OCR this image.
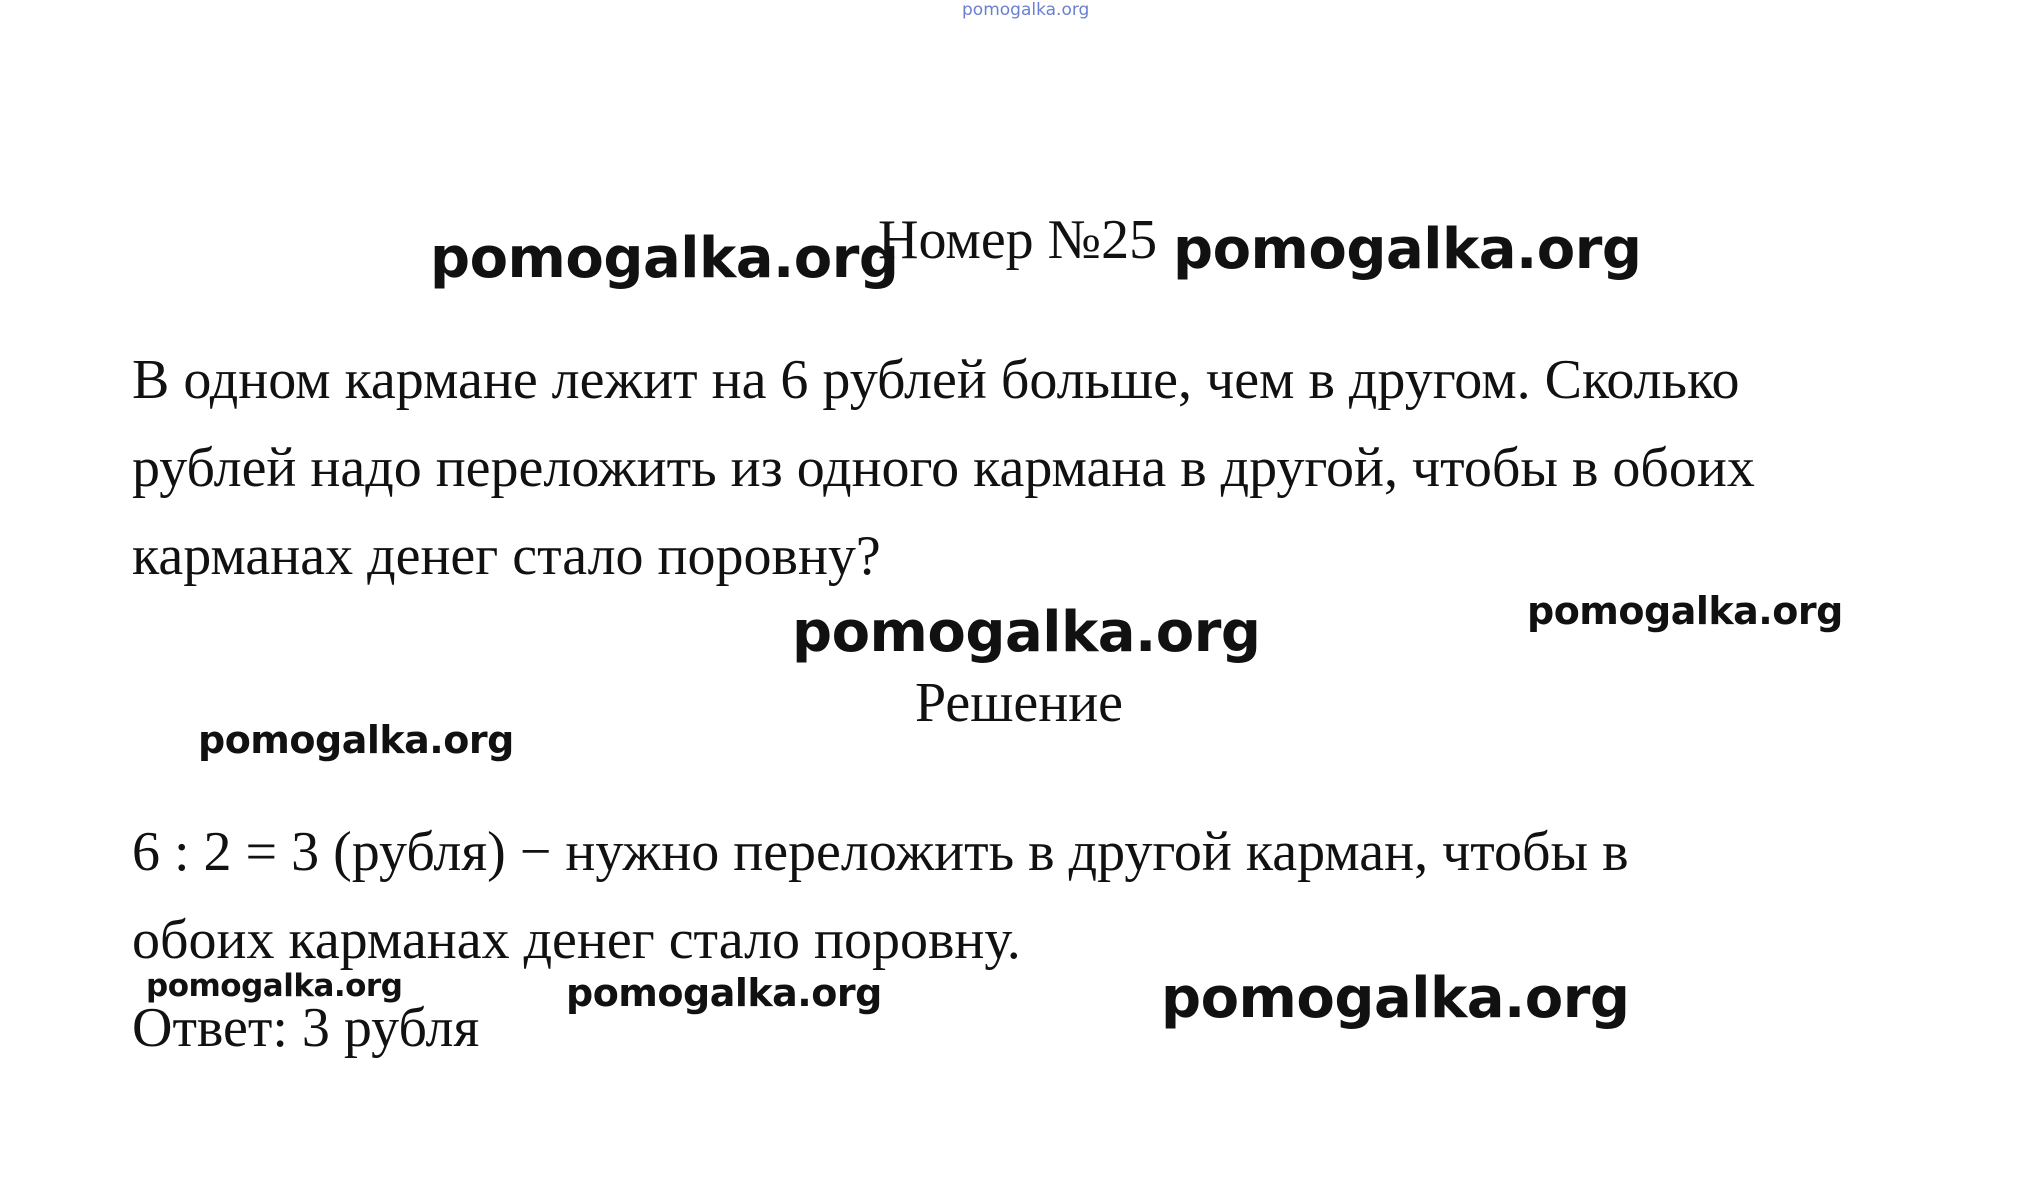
pomogalka.org
pomogalka.org
Номер №25 pomogalka.org
В одном кармане лежит на 6 рублей больше, чем в другом. Сколько
рублей надо переложить из одного кармана в другой, чтобы в обоих
карманах денег стало поровну?
pomogalka.org	pomogalka.org
Решение
pomogalka.org
6 : 2 = 3 (рубля) − нужно переложить в другой карман, чтобы в
обоих карманах денег стало поровну.
Ответ: 3 рубля
pomogalka.org	pomogalka.org	pomogalka.org
